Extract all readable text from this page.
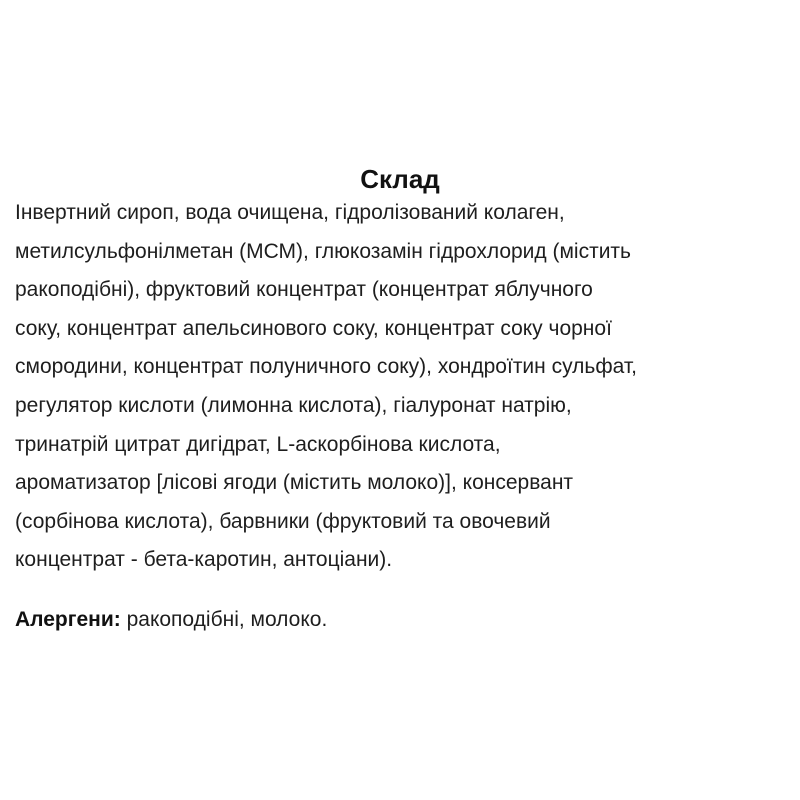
Склад

Інвертний сироп, вода очищена, гідролізований колаген,
метилсульфонілметан (МСМ), глюкозамін гідрохлорид (містить
ракоподібні), фруктовий концентрат (концентрат яблучного
соку, концентрат апельсинового соку, концентрат соку чорної
смородини, концентрат полуничного соку), хондроїтин сульфат,
регулятор кислоти (лимонна кислота), гіалуронат натрію,
тринатрій цитрат дигідрат, L-аскорбінова кислота,
ароматизатор [лісові ягоди (містить молоко)], консервант
(сорбінова кислота), барвники (фруктовий та овочевий
концентрат - бета-каротин, антоціани).

Алергени: ракоподібні, молоко.
